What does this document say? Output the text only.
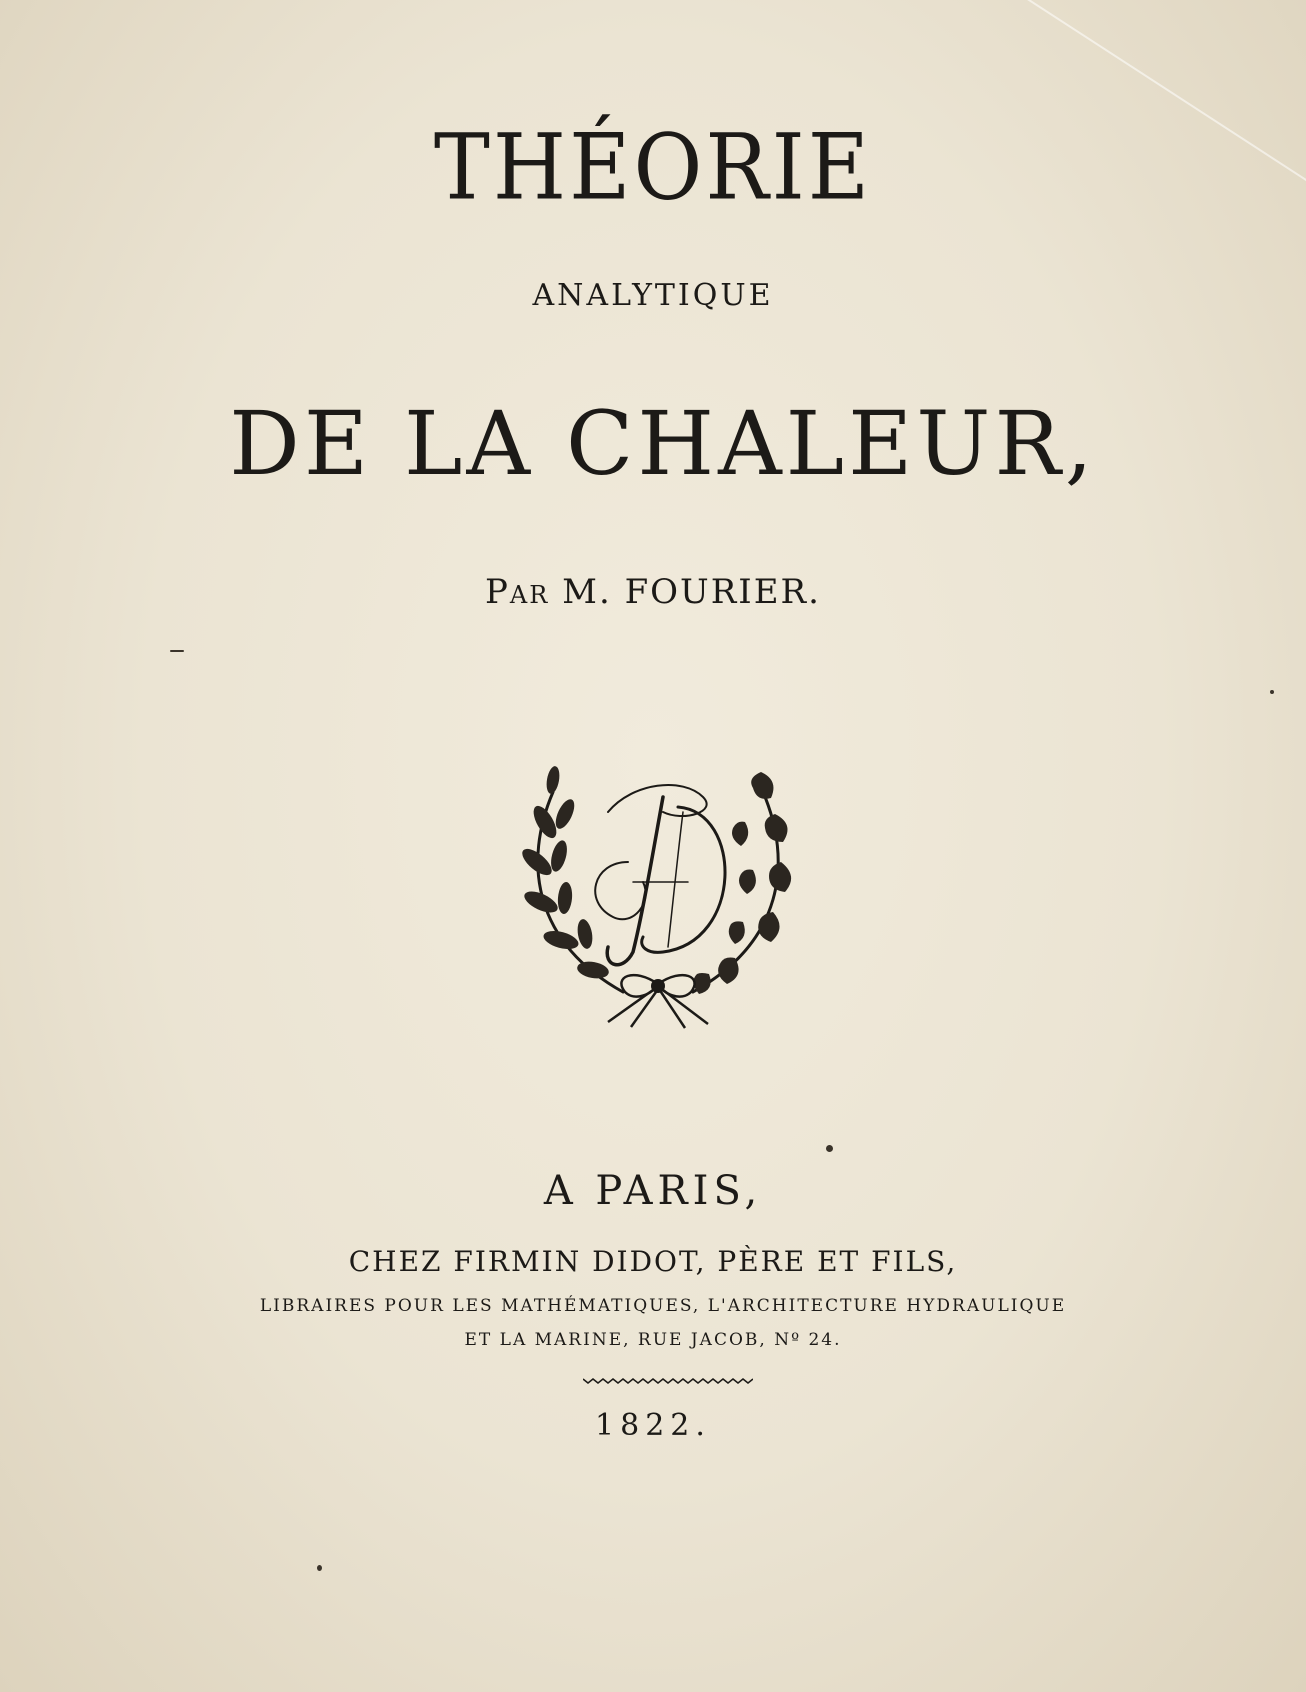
THÉORIE
ANALYTIQUE
DE LA CHALEUR,
Par M. FOURIER.
A PARIS,
CHEZ FIRMIN DIDOT, PÈRE ET FILS,
LIBRAIRES POUR LES MATHÉMATIQUES, L'ARCHITECTURE HYDRAULIQUE
ET LA MARINE, RUE JACOB, Nº 24.
1822.
